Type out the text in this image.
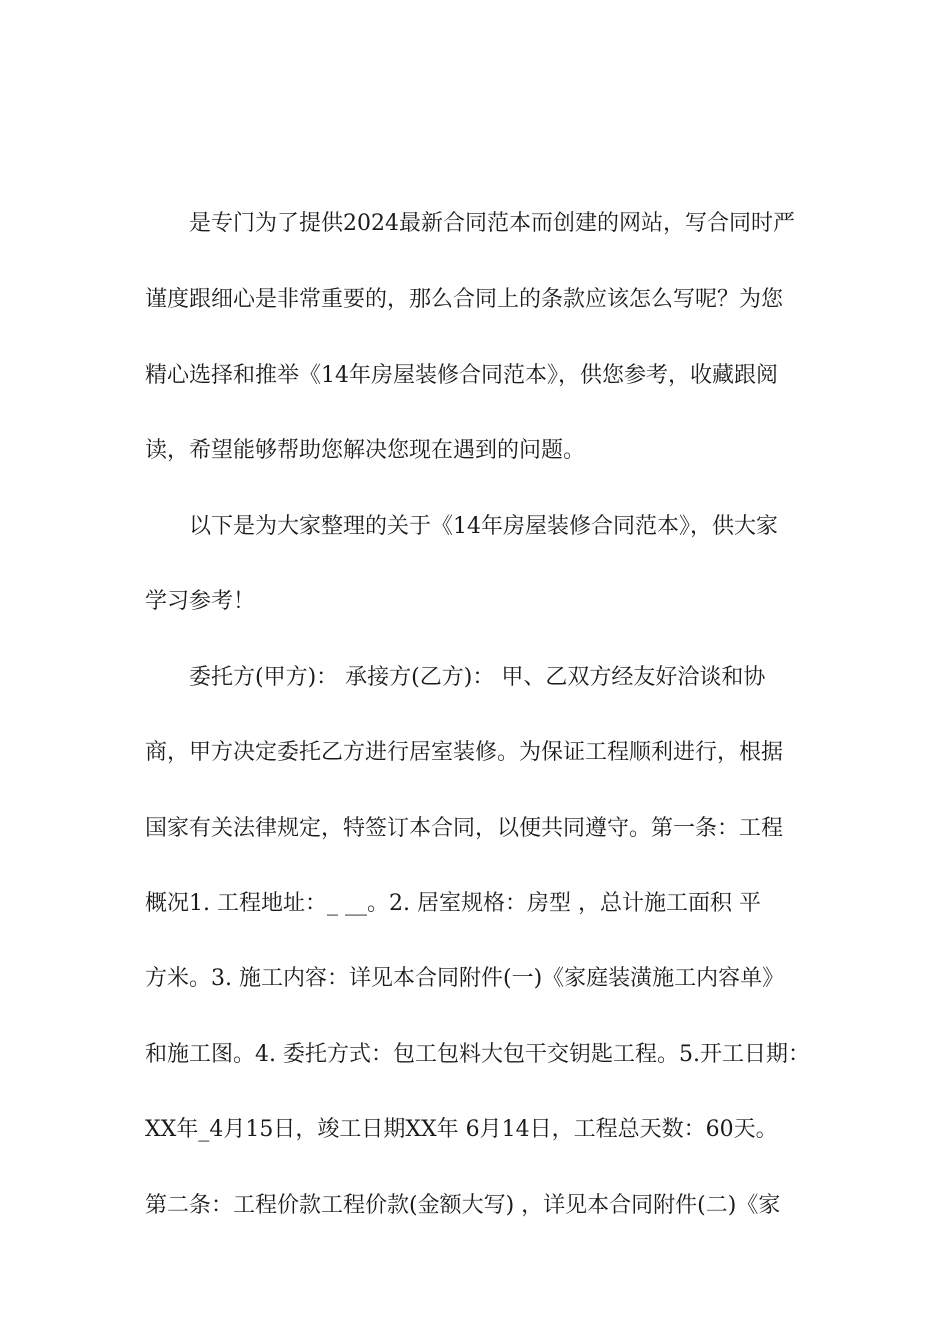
是专门为了提供2024最新合同范本而创建的网站，写合同时严

谨度跟细心是非常重要的，那么合同上的条款应该怎么写呢？为您

精心选择和推举《14年房屋装修合同范本》，供您参考，收藏跟阅

读，希望能够帮助您解决您现在遇到的问题。

以下是为大家整理的关于《14年房屋装修合同范本》，供大家

学习参考！

委托方(甲方)： 承接方(乙方)： 甲、乙双方经友好洽谈和协

商，甲方决定委托乙方进行居室装修。为保证工程顺利进行，根据

国家有关法律规定，特签订本合同，以便共同遵守。第一条：工程

概况1. 工程地址：_ __。2. 居室规格：房型 ，总计施工面积 平

方米。3. 施工内容：详见本合同附件(一)《家庭装潢施工内容单》

和施工图。4. 委托方式：包工包料大包干交钥匙工程。5.开工日期：

XX年_4月15日，竣工日期XX年 6月14日，工程总天数：60天。

第二条：工程价款工程价款(金额大写) ，详见本合同附件(二)《家
